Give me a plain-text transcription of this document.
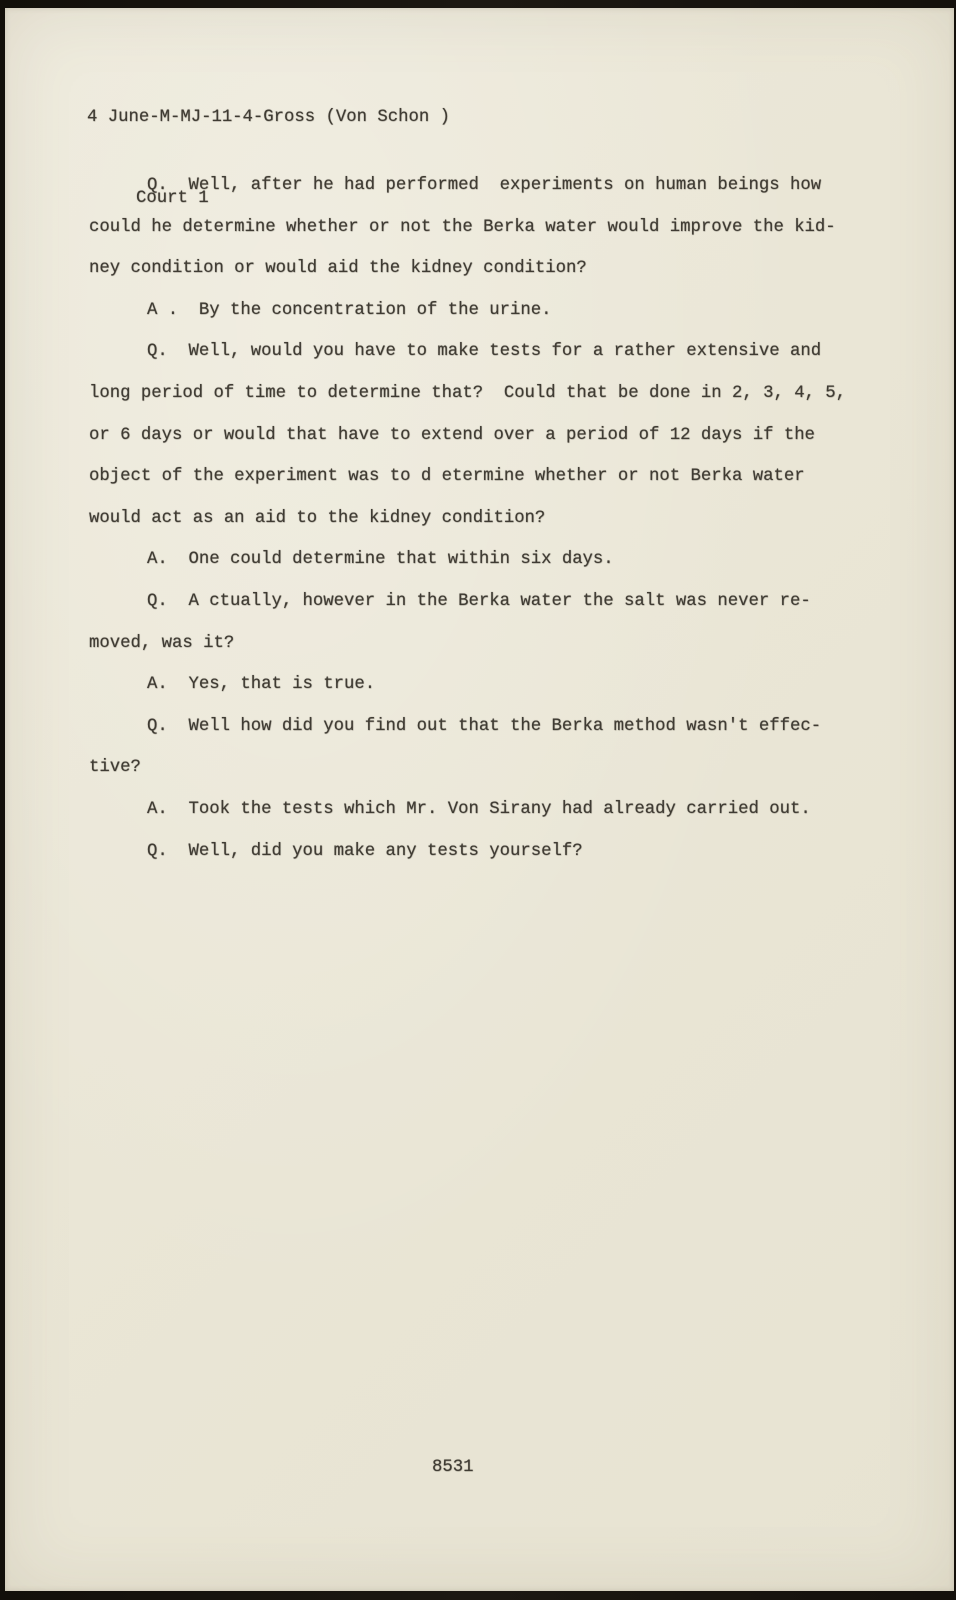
4 June-M-MJ-11-4-Gross (Von Schon )

Court 1

Q.  Well, after he had performed  experiments on human beings how
could he determine whether or not the Berka water would improve the kid-
ney condition or would aid the kidney condition?
A .  By the concentration of the urine.
Q.  Well, would you have to make tests for a rather extensive and
long period of time to determine that?  Could that be done in 2, 3, 4, 5,
or 6 days or would that have to extend over a period of 12 days if the
object of the experiment was to d etermine whether or not Berka water
would act as an aid to the kidney condition?
A.  One could determine that within six days.
Q.  A ctually, however in the Berka water the salt was never re-
moved, was it?
A.  Yes, that is true.
Q.  Well how did you find out that the Berka method wasn't effec-
tive?
A.  Took the tests which Mr. Von Sirany had already carried out.
Q.  Well, did you make any tests yourself?
8531
